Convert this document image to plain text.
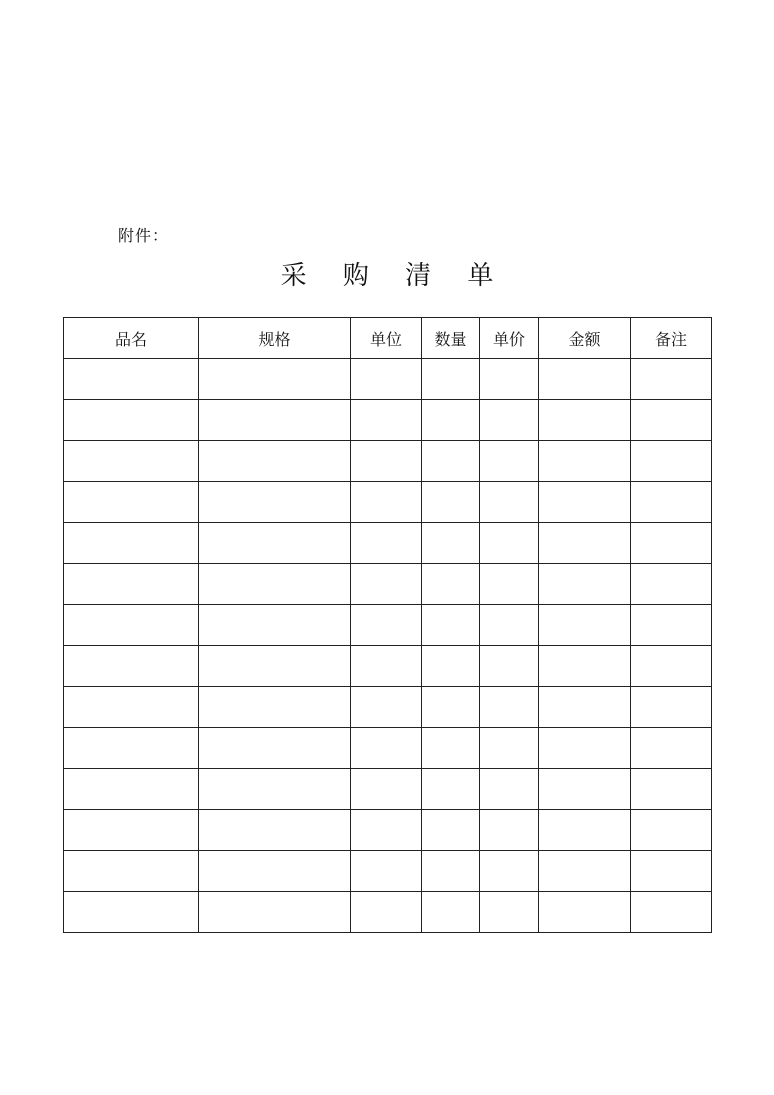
附件：
采 购 清 单
品名	规格	单位	数量	单价	金额	备注
